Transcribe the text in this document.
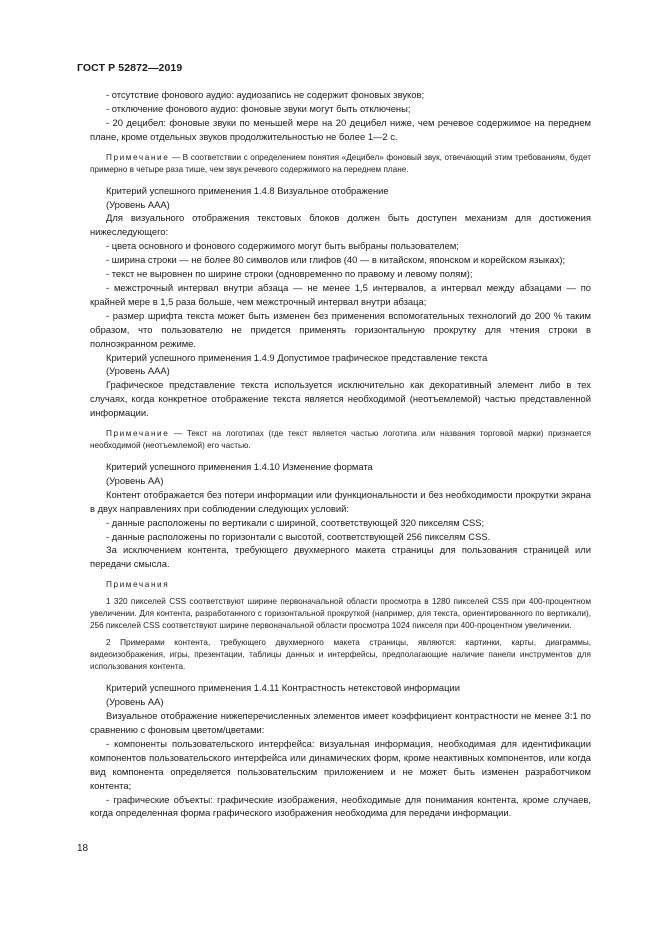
ГОСТ Р 52872—2019

- отсутствие фонового аудио: аудиозапись не содержит фоновых звуков;

- отключение фонового аудио: фоновые звуки могут быть отключены;

- 20 децибел: фоновые звуки по меньшей мере на 20 децибел ниже, чем речевое содержимое на переднем плане, кроме отдельных звуков продолжительностью не более 1—2 с.

Примечание — В соответствии с определением понятия «Децибел» фоновый звук, отвечающий этим требованиям, будет примерно в четыре раза тише, чем звук речевого содержимого на переднем плане.

Критерий успешного применения 1.4.8 Визуальное отображение

(Уровень ААА)

Для визуального отображения текстовых блоков должен быть доступен механизм для достижения нижеследующего:

- цвета основного и фонового содержимого могут быть выбраны пользователем;

- ширина строки — не более 80 символов или глифов (40 — в китайском, японском и корейском языках);

- текст не выровнен по ширине строки (одновременно по правому и левому полям);

- межстрочный интервал внутри абзаца — не менее 1,5 интервалов, а интервал между абзацами — по крайней мере в 1,5 раза больше, чем межстрочный интервал внутри абзаца;

- размер шрифта текста может быть изменен без применения вспомогательных технологий до 200 % таким образом, что пользователю не придется применять горизонтальную прокрутку для чтения строки в полноэкранном режиме.

Критерий успешного применения 1.4.9 Допустимое графическое представление текста

(Уровень ААА)

Графическое представление текста используется исключительно как декоративный элемент либо в тех случаях, когда конкретное отображение текста является необходимой (неотъемлемой) частью представленной информации.

Примечание — Текст на логотипах (где текст является частью логотипа или названия торговой марки) признается необходимой (неотъемлемой) его частью.

Критерий успешного применения 1.4.10 Изменение формата

(Уровень АА)

Контент отображается без потери информации или функциональности и без необходимости прокрутки экрана в двух направлениях при соблюдении следующих условий:

- данные расположены по вертикали с шириной, соответствующей 320 пикселям CSS;

- данные расположены по горизонтали с высотой, соответствующей 256 пикселям CSS.

За исключением контента, требующего двухмерного макета страницы для пользования страницей или передачи смысла.

Примечания

1 320 пикселей CSS соответствуют ширине первоначальной области просмотра в 1280 пикселей CSS при 400-процентном увеличении. Для контента, разработанного с горизонтальной прокруткой (например, для текста, ориентированного по вертикали), 256 пикселей CSS соответствуют ширине первоначальной области просмотра 1024 пикселя при 400-процентном увеличении.

2 Примерами контента, требующего двухмерного макета страницы, являются: картинки, карты, диаграммы, видеоизображения, игры, презентации, таблицы данных и интерфейсы, предполагающие наличие панели инструментов для использования контента.

Критерий успешного применения 1.4.11 Контрастность нетекстовой информации

(Уровень АА)

Визуальное отображение нижеперечисленных элементов имеет коэффициент контрастности не менее 3:1 по сравнению с фоновым цветом/цветами:

- компоненты пользовательского интерфейса: визуальная информация, необходимая для идентификации компонентов пользовательского интерфейса или динамических форм, кроме неактивных компонентов, или когда вид компонента определяется пользовательским приложением и не может быть изменен разработчиком контента;

- графические объекты: графические изображения, необходимые для понимания контента, кроме случаев, когда определенная форма графического изображения необходима для передачи информации.

18
